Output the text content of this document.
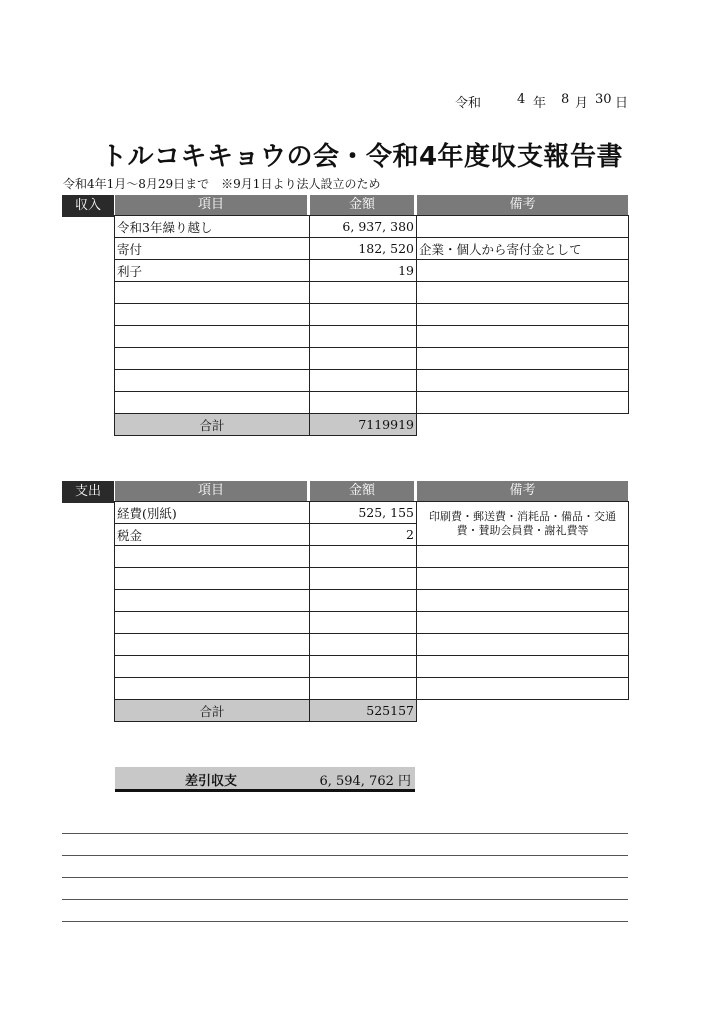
令和	4 年 8 月 30 日
トルコキキョウの会・令和4年度収支報告書
令和4年1月～8月29日まで　※9月1日より法人設立のため
収入	項目	金額	備考
令和3年繰り越し	6, 937, 380	
寄付	182, 520	企業・個人から寄付金として
利子	19	

合計	7119919	
支出	項目	金額	備考
経費(別紙)	525, 155	印刷費・郵送費・消耗品・備品・交通費・賛助会員費・謝礼費等
税金	2	

合計	525157	
差引収支	6, 594, 762 円
